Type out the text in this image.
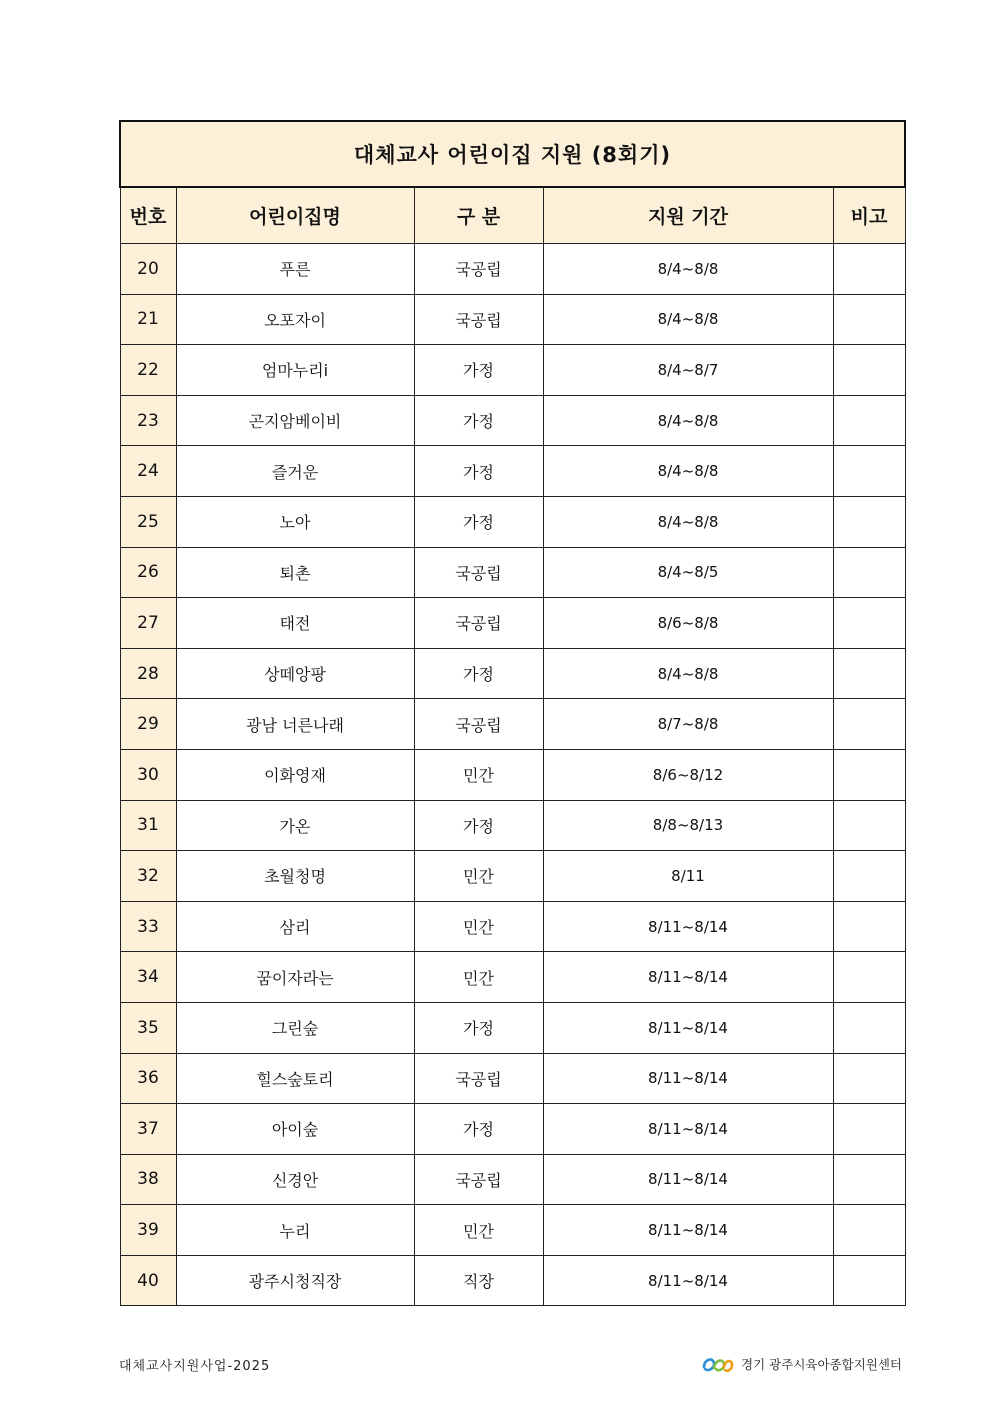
대체교사 어린이집 지원 (8회기)				
번호	어린이집명	구 분	지원 기간	비고
20	푸른	국공립	8/4~8/8	
21	오포자이	국공립	8/4~8/8	
22	엄마누리i	가정	8/4~8/7	
23	곤지암베이비	가정	8/4~8/8	
24	즐거운	가정	8/4~8/8	
25	노아	가정	8/4~8/8	
26	퇴촌	국공립	8/4~8/5	
27	태전	국공립	8/6~8/8	
28	상떼앙팡	가정	8/4~8/8	
29	광남 너른나래	국공립	8/7~8/8	
30	이화영재	민간	8/6~8/12	
31	가온	가정	8/8~8/13	
32	초월청명	민간	8/11	
33	삼리	민간	8/11~8/14	
34	꿈이자라는	민간	8/11~8/14	
35	그린숲	가정	8/11~8/14	
36	힐스숲토리	국공립	8/11~8/14	
37	아이숲	가정	8/11~8/14	
38	신경안	국공립	8/11~8/14	
39	누리	민간	8/11~8/14	
40	광주시청직장	직장	8/11~8/14	
대체교사지원사업-2025	경기 광주시육아종합지원센터
